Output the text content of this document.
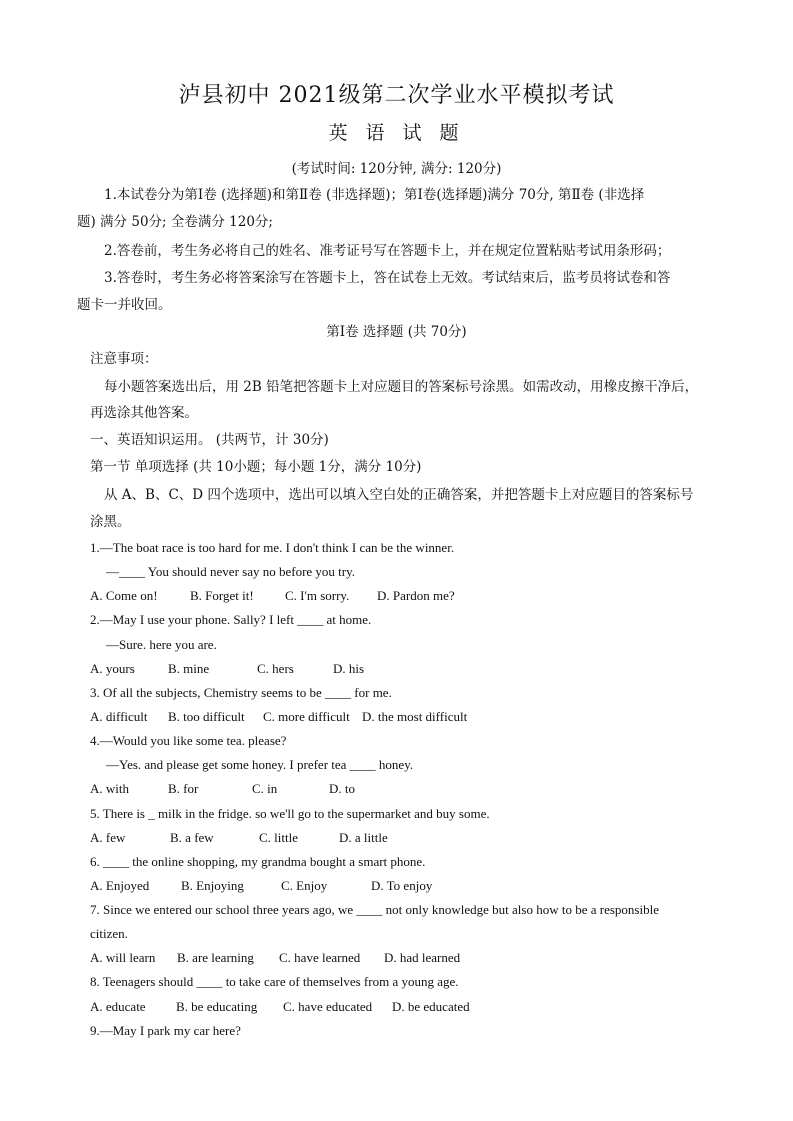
泸县初中 2021级第二次学业水平模拟考试
英 语 试 题
(考试时间: 120分钟, 满分: 120分)
1.本试卷分为第Ⅰ卷 (选择题)和第Ⅱ卷 (非选择题)；第Ⅰ卷(选择题)满分 70分, 第Ⅱ卷 (非选择
题) 满分 50分; 全卷满分 120分;
2.答卷前，考生务必将自己的姓名、准考证号写在答题卡上，并在规定位置粘贴考试用条形码；
3.答卷时，考生务必将答案涂写在答题卡上，答在试卷上无效。考试结束后，监考员将试卷和答
题卡一并收回。
第Ⅰ卷 选择题 (共 70分)
注意事项：
每小题答案选出后，用 2B 铅笔把答题卡上对应题目的答案标号涂黑。如需改动，用橡皮擦干净后，
再选涂其他答案。
一、英语知识运用。 (共两节，计 30分)
第一节 单项选择 (共 10小题；每小题 1分，满分 10分)
从 A、B、C、D 四个选项中，选出可以填入空白处的正确答案，并把答题卡上对应题目的答案标号
涂黑。
1.—The boat race is too hard for me. I don't think I can be the winner.
—____ You should never say no before you try.
A. Come on! B. Forget it! C. I'm sorry. D. Pardon me?
2.—May I use your phone. Sally? I left ____ at home.
—Sure. here you are.
A. yours	B. mine	C. hers	D. his
3. Of all the subjects, Chemistry seems to be ____ for me.
A. difficult B. too difficult C. more difficult D. the most difficult
4.—Would you like some tea. please?
—Yes. and please get some honey. I prefer tea ____ honey.
A. with	B. for	C. in	D. to
5. There is _ milk in the fridge. so we'll go to the supermarket and buy some.
A. few	B. a few	C. little	D. a little
6. ____ the online shopping, my grandma bought a smart phone.
A. Enjoyed B. Enjoying	C. Enjoy	D. To enjoy
7. Since we entered our school three years ago, we ____ not only knowledge but also how to be a responsible
citizen.
A. will learn B. are learning C. have learned D. had learned
8. Teenagers should ____ to take care of themselves from a young age.
A. educate B. be educating C. have educated D. be educated
9.—May I park my car here?
